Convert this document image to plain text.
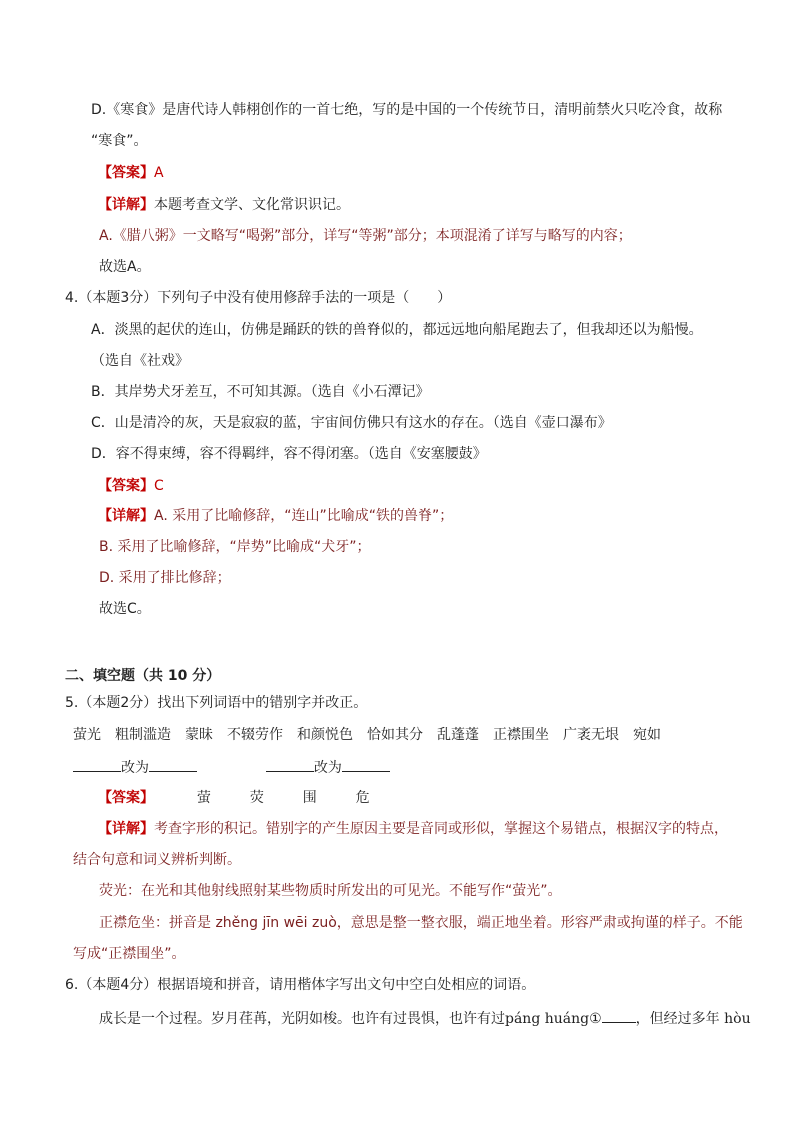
D.《寒食》是唐代诗人韩栩创作的一首七绝，写的是中国的一个传统节日，清明前禁火只吃冷食，故称
“寒食”。
【答案】A
【详解】本题考查文学、文化常识识记。
A.《腊八粥》一文略写“喝粥”部分，详写“等粥”部分；本项混淆了详写与略写的内容；
故选A。
4.（本题3分）下列句子中没有使用修辞手法的一项是（　　）
A．淡黑的起伏的连山，仿佛是踊跃的铁的兽脊似的，都远远地向船尾跑去了，但我却还以为船慢。
（选自《社戏》
B．其岸势犬牙差互，不可知其源。（选自《小石潭记》
C．山是清冷的灰，天是寂寂的蓝，宇宙间仿佛只有这水的存在。（选自《壶口瀑布》
D．容不得束缚，容不得羁绊，容不得闭塞。（选自《安塞腰鼓》
【答案】C
【详解】A. 采用了比喻修辞，“连山”比喻成“铁的兽脊”；
B. 采用了比喻修辞，“岸势”比喻成“犬牙”；
D. 采用了排比修辞；
故选C。
二、填空题（共 10 分）
5.（本题2分）找出下列词语中的错别字并改正。
萤光　粗制滥造　蒙昧　不辍劳作　和颜悦色　恰如其分　乱蓬蓬　正襟围坐　广袤无垠　宛如
改为	改为
【答案】	萤	荧	围	危
【详解】考查字形的积记。错别字的产生原因主要是音同或形似，掌握这个易错点，根据汉字的特点，
结合句意和词义辨析判断。
荧光：在光和其他射线照射某些物质时所发出的可见光。不能写作“萤光”。
正襟危坐：拼音是 zhěng jīn wēi zuò，意思是整一整衣服，端正地坐着。形容严肃或拘谨的样子。不能
写成“正襟围坐”。
6.（本题4分）根据语境和拼音，请用楷体字写出文句中空白处相应的词语。
成长是一个过程。岁月荏苒，光阴如梭。也许有过畏惧，也许有过páng huáng① ，但经过多年 hòu
